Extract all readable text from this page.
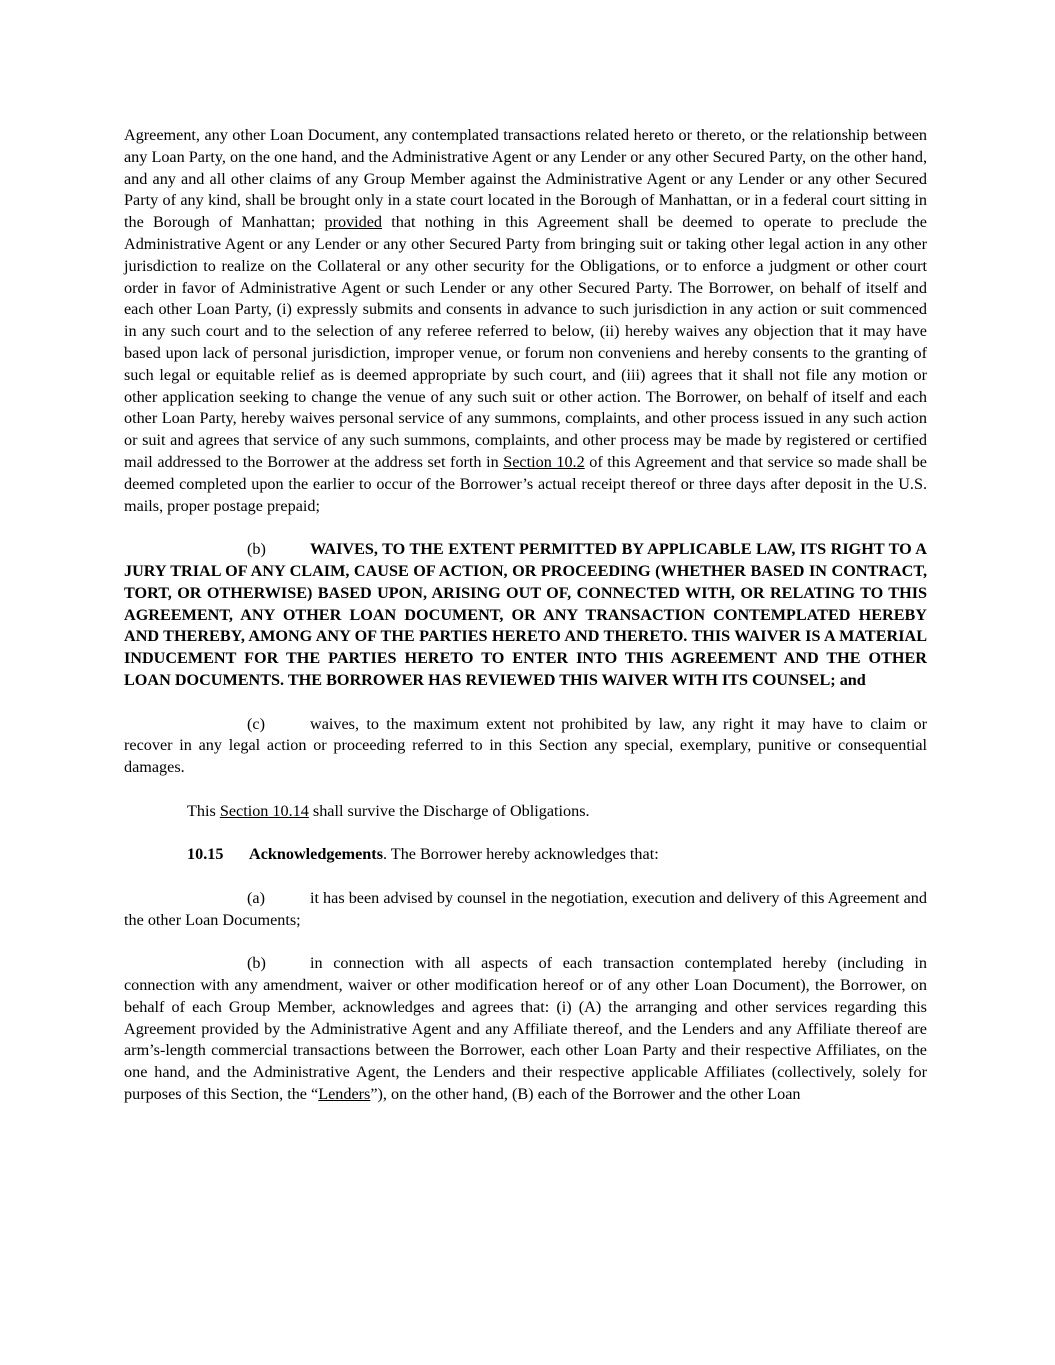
Agreement, any other Loan Document, any contemplated transactions related hereto or thereto, or the relationship between any Loan Party, on the one hand, and the Administrative Agent or any Lender or any other Secured Party, on the other hand, and any and all other claims of any Group Member against the Administrative Agent or any Lender or any other Secured Party of any kind, shall be brought only in a state court located in the Borough of Manhattan, or in a federal court sitting in the Borough of Manhattan; provided that nothing in this Agreement shall be deemed to operate to preclude the Administrative Agent or any Lender or any other Secured Party from bringing suit or taking other legal action in any other jurisdiction to realize on the Collateral or any other security for the Obligations, or to enforce a judgment or other court order in favor of Administrative Agent or such Lender or any other Secured Party. The Borrower, on behalf of itself and each other Loan Party, (i) expressly submits and consents in advance to such jurisdiction in any action or suit commenced in any such court and to the selection of any referee referred to below, (ii) hereby waives any objection that it may have based upon lack of personal jurisdiction, improper venue, or forum non conveniens and hereby consents to the granting of such legal or equitable relief as is deemed appropriate by such court, and (iii) agrees that it shall not file any motion or other application seeking to change the venue of any such suit or other action. The Borrower, on behalf of itself and each other Loan Party, hereby waives personal service of any summons, complaints, and other process issued in any such action or suit and agrees that service of any such summons, complaints, and other process may be made by registered or certified mail addressed to the Borrower at the address set forth in Section 10.2 of this Agreement and that service so made shall be deemed completed upon the earlier to occur of the Borrower’s actual receipt thereof or three days after deposit in the U.S. mails, proper postage prepaid;

(b)	WAIVES, TO THE EXTENT PERMITTED BY APPLICABLE LAW, ITS RIGHT TO A JURY TRIAL OF ANY CLAIM, CAUSE OF ACTION, OR PROCEEDING (WHETHER BASED IN CONTRACT, TORT, OR OTHERWISE) BASED UPON, ARISING OUT OF, CONNECTED WITH, OR RELATING TO THIS AGREEMENT, ANY OTHER LOAN DOCUMENT, OR ANY TRANSACTION CONTEMPLATED HEREBY AND THEREBY, AMONG ANY OF THE PARTIES HERETO AND THERETO. THIS WAIVER IS A MATERIAL INDUCEMENT FOR THE PARTIES HERETO TO ENTER INTO THIS AGREEMENT AND THE OTHER LOAN DOCUMENTS. THE BORROWER HAS REVIEWED THIS WAIVER WITH ITS COUNSEL; and

(c)	waives, to the maximum extent not prohibited by law, any right it may have to claim or recover in any legal action or proceeding referred to in this Section any special, exemplary, punitive or consequential damages.

This Section 10.14 shall survive the Discharge of Obligations.

10.15 Acknowledgements. The Borrower hereby acknowledges that:

(a)	it has been advised by counsel in the negotiation, execution and delivery of this Agreement and the other Loan Documents;

(b)	in connection with all aspects of each transaction contemplated hereby (including in connection with any amendment, waiver or other modification hereof or of any other Loan Document), the Borrower, on behalf of each Group Member, acknowledges and agrees that: (i) (A) the arranging and other services regarding this Agreement provided by the Administrative Agent and any Affiliate thereof, and the Lenders and any Affiliate thereof are arm’s-length commercial transactions between the Borrower, each other Loan Party and their respective Affiliates, on the one hand, and the Administrative Agent, the Lenders and their respective applicable Affiliates (collectively, solely for purposes of this Section, the “Lenders”), on the other hand, (B) each of the Borrower and the other Loan
